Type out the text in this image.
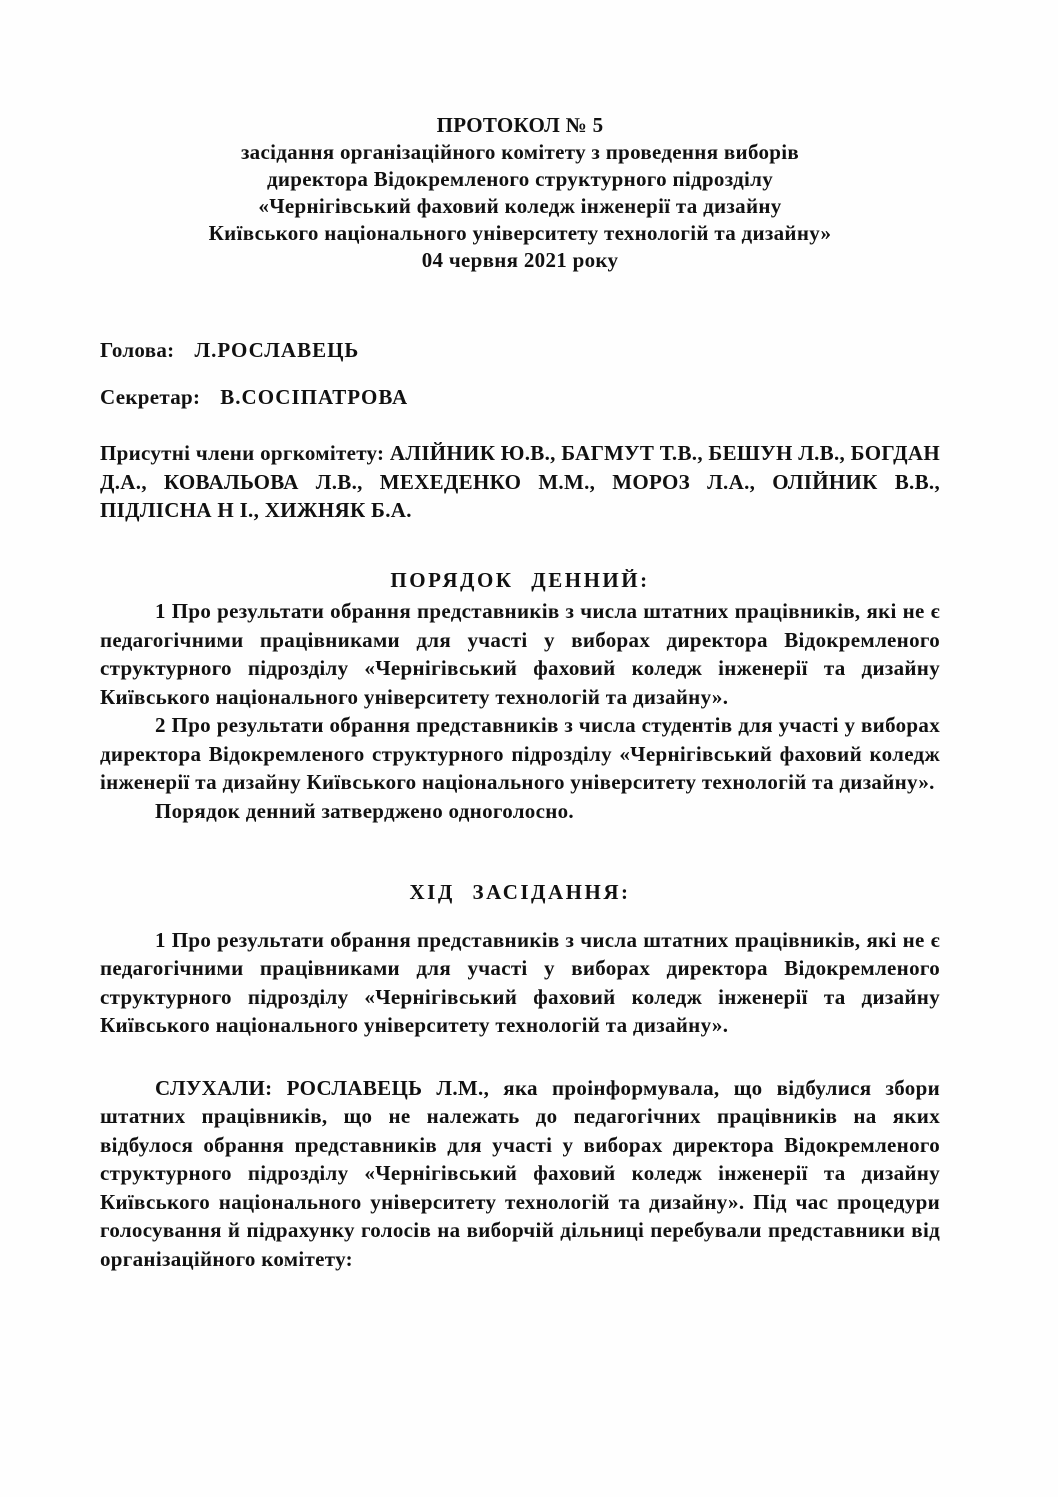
ПРОТОКОЛ № 5

засідання організаційного комітету з проведення виборів

директора Відокремленого структурного підрозділу

«Чернігівський фаховий коледж інженерії та дизайну

Київського національного університету технологій та дизайну»

04 червня 2021 року

Голова: Л.РОСЛАВЕЦЬ

Секретар: В.СОСІПАТРОВА

Присутні члени оргкомітету: АЛІЙНИК Ю.В., БАГМУТ Т.В., БЕШУН Л.В., БОГДАН Д.А., КОВАЛЬОВА Л.В., МЕХЕДЕНКО М.М., МОРОЗ Л.А., ОЛІЙНИК В.В., ПІДЛІСНА Н І., ХИЖНЯК Б.А.

ПОРЯДОК ДЕННИЙ:

1 Про результати обрання представників з числа штатних працівників, які не є педагогічними працівниками для участі у виборах директора Відокремленого структурного підрозділу «Чернігівський фаховий коледж інженерії та дизайну Київського національного університету технологій та дизайну».

2 Про результати обрання представників з числа студентів для участі у виборах директора Відокремленого структурного підрозділу «Чернігівський фаховий коледж інженерії та дизайну Київського національного університету технологій та дизайну».

Порядок денний затверджено одноголосно.

ХІД ЗАСІДАННЯ:

1 Про результати обрання представників з числа штатних працівників, які не є педагогічними працівниками для участі у виборах директора Відокремленого структурного підрозділу «Чернігівський фаховий коледж інженерії та дизайну Київського національного університету технологій та дизайну».

СЛУХАЛИ: РОСЛАВЕЦЬ Л.М., яка проінформувала, що відбулися збори штатних працівників, що не належать до педагогічних працівників на яких відбулося обрання представників для участі у виборах директора Відокремленого структурного підрозділу «Чернігівський фаховий коледж інженерії та дизайну Київського національного університету технологій та дизайну». Під час процедури голосування й підрахунку голосів на виборчій дільниці перебували представники від організаційного комітету:
